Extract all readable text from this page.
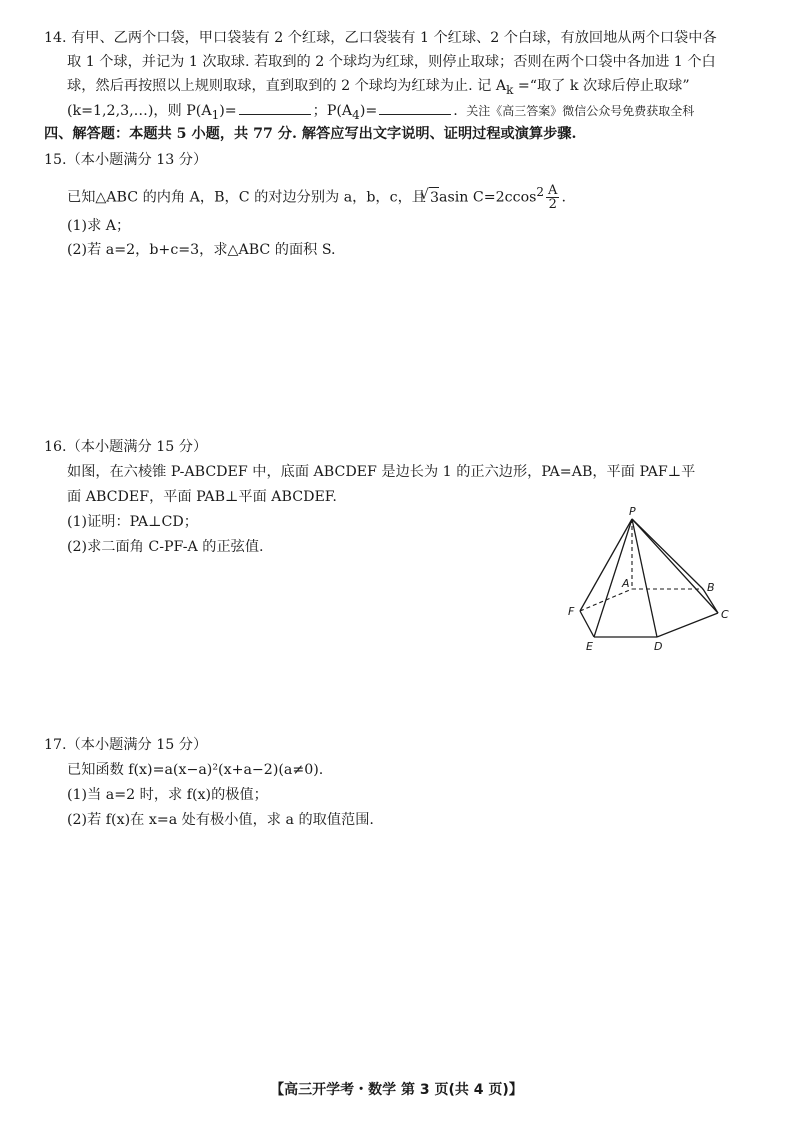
14. 有甲、乙两个口袋，甲口袋装有 2 个红球，乙口袋装有 1 个红球、2 个白球，有放回地从两个口袋中各
取 1 个球，并记为 1 次取球. 若取到的 2 个球均为红球，则停止取球；否则在两个口袋中各加进 1 个白
球，然后再按照以上规则取球，直到取到的 2 个球均为红球为止. 记 $A_k$ =“取了 k 次球后停止取球”
(k=1,2,3,…)，则 $P(A_1)=$	；$P(A_4)=$	. 关注《高三答案》微信公众号免费获取全科
四、解答题：本题共 5 小题，共 77 分. 解答应写出文字说明、证明过程或演算步骤.
15.（本小题满分 13 分）
已知△ABC 的内角 A，B，C 的对边分别为 a，b，c，且√ 3asin $C=2ccos^2 \frac{A}{2}$ .
(1)求 A；
(2)若 a=2，b+c=3，求△ABC 的面积 S.
16.（本小题满分 15 分）
如图，在六棱锥 P-ABCDEF 中，底面 ABCDEF 是边长为 1 的正六边形，PA=AB，平面 PAF⊥平
面 ABCDEF，平面 PAB⊥平面 ABCDEF.
(1)证明：PA⊥CD；
(2)求二面角 C-PF-A 的正弦值.
P
A	B
C
D
E
F
17.（本小题满分 15 分）
已知函数 f(x)=a(x−a)²(x+a−2)(a≠0).
(1)当 a=2 时，求 f(x)的极值；
(2)若 f(x)在 x=a 处有极小值，求 a 的取值范围.
【高三开学考・数学 第 3 页(共 4 页)】
